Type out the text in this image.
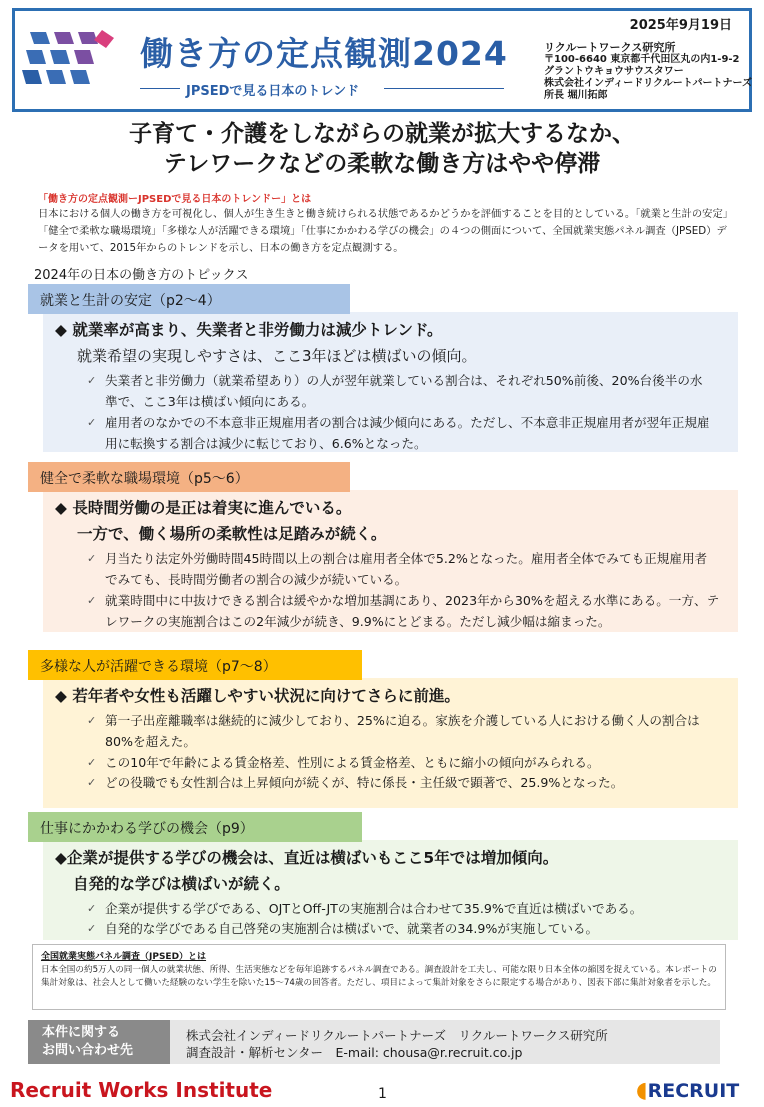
働き方の定点観測2024
JPSEDで見る日本のトレンド
2025年9月19日
リクルートワークス研究所
〒100-6640 東京都千代田区丸の内1-9-2
グラントウキョウサウスタワー
株式会社インディードリクルートパートナーズ
所長 堀川拓郎
子育て・介護をしながらの就業が拡大するなか、
テレワークなどの柔軟な働き方はやや停滞
「働き方の定点観測ーJPSEDで見る日本のトレンドー」とは
日本における個人の働き方を可視化し、個人が生き生きと働き続けられる状態であるかどうかを評価することを目的としている。「就業と生計の安定」「健全で柔軟な職場環境」「多様な人が活躍できる環境」「仕事にかかわる学びの機会」の４つの側面について、全国就業実態パネル調査（JPSED）データを用いて、2015年からのトレンドを示し、日本の働き方を定点観測する。
2024年の日本の働き方のトピックス
◆ 就業率が高まり、失業者と非労働力は減少トレンド。
就業希望の実現しやすさは、ここ3年ほどは横ばいの傾向。
✓ 失業者と非労働力（就業希望あり）の人が翌年就業している割合は、それぞれ50%前後、20%台後半の水準で、ここ3年は横ばい傾向にある。
✓ 雇用者のなかでの不本意非正規雇用者の割合は減少傾向にある。ただし、不本意非正規雇用者が翌年正規雇用に転換する割合は減少に転じており、6.6%となった。
就業と生計の安定（p2～4）
◆ 長時間労働の是正は着実に進んでいる。
一方で、働く場所の柔軟性は足踏みが続く。
✓ 月当たり法定外労働時間45時間以上の割合は雇用者全体で5.2%となった。雇用者全体でみても正規雇用者でみても、長時間労働者の割合の減少が続いている。
✓ 就業時間中に中抜けできる割合は緩やかな増加基調にあり、2023年から30%を超える水準にある。一方、テレワークの実施割合はこの2年減少が続き、9.9%にとどまる。ただし減少幅は縮まった。
健全で柔軟な職場環境（p5～6）
◆ 若年者や女性も活躍しやすい状況に向けてさらに前進。
✓ 第一子出産離職率は継続的に減少しており、25%に迫る。家族を介護している人における働く人の割合は80%を超えた。
✓ この10年で年齢による賃金格差、性別による賃金格差、ともに縮小の傾向がみられる。
✓ どの役職でも女性割合は上昇傾向が続くが、特に係長・主任級で顕著で、25.9%となった。
多様な人が活躍できる環境（p7～8）
◆企業が提供する学びの機会は、直近は横ばいもここ5年では増加傾向。
自発的な学びは横ばいが続く。
✓ 企業が提供する学びである、OJTとOff-JTの実施割合は合わせて35.9%で直近は横ばいである。
✓ 自発的な学びである自己啓発の実施割合は横ばいで、就業者の34.9%が実施している。
仕事にかかわる学びの機会（p9）
全国就業実態パネル調査（JPSED）とは
日本全国の約5万人の同一個人の就業状態、所得、生活実態などを毎年追跡するパネル調査である。調査設計を工夫し、可能な限り日本全体の縮図を捉えている。本レポートの集計対象は、社会人として働いた経験のない学生を除いた15～74歳の回答者。ただし、項目によって集計対象をさらに限定する場合があり、図表下部に集計対象者を示した。
本件に関する
お問い合わせ先
株式会社インディードリクルートパートナーズ　リクルートワークス研究所
調査設計・解析センター　E-mail: chousa@r.recruit.co.jp
Recruit Works Institute	1	◖RECRUIT
